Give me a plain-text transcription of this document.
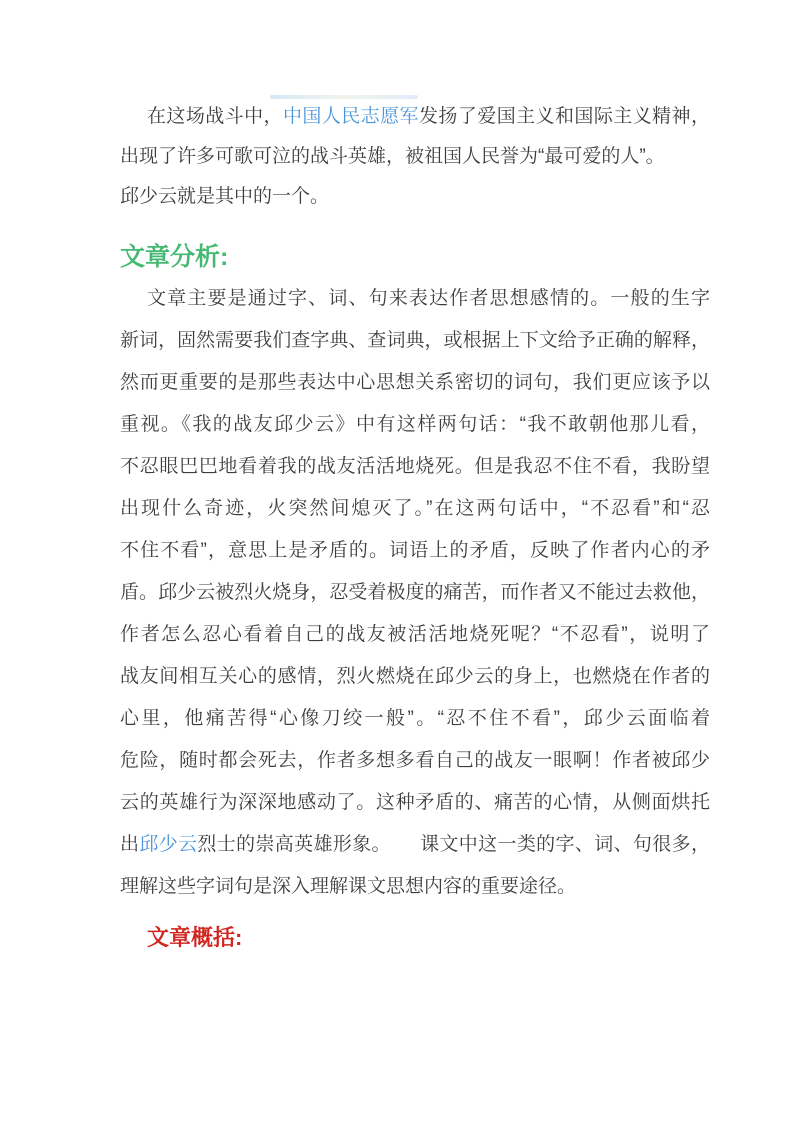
在这场战斗中，中国人民志愿军发扬了爱国主义和国际主义精神，
出现了许多可歌可泣的战斗英雄，被祖国人民誉为“最可爱的人”。
邱少云就是其中的一个。
文章分析:
文章主要是通过字、词、句来表达作者思想感情的。一般的生字
新词，固然需要我们查字典、查词典，或根据上下文给予正确的解释，
然而更重要的是那些表达中心思想关系密切的词句，我们更应该予以
重视。《我的战友邱少云》中有这样两句话：“我不敢朝他那儿看，
不忍眼巴巴地看着我的战友活活地烧死。但是我忍不住不看，我盼望
出现什么奇迹，火突然间熄灭了。”在这两句话中，“不忍看”和“忍
不住不看”，意思上是矛盾的。词语上的矛盾，反映了作者内心的矛
盾。邱少云被烈火烧身，忍受着极度的痛苦，而作者又不能过去救他，
作者怎么忍心看着自己的战友被活活地烧死呢？“不忍看”，说明了
战友间相互关心的感情，烈火燃烧在邱少云的身上，也燃烧在作者的
心里，他痛苦得“心像刀绞一般”。“忍不住不看”，邱少云面临着
危险，随时都会死去，作者多想多看自己的战友一眼啊！作者被邱少
云的英雄行为深深地感动了。这种矛盾的、痛苦的心情，从侧面烘托
出邱少云烈士的崇高英雄形象。　　课文中这一类的字、词、句很多，
理解这些字词句是深入理解课文思想内容的重要途径。
文章概括:
